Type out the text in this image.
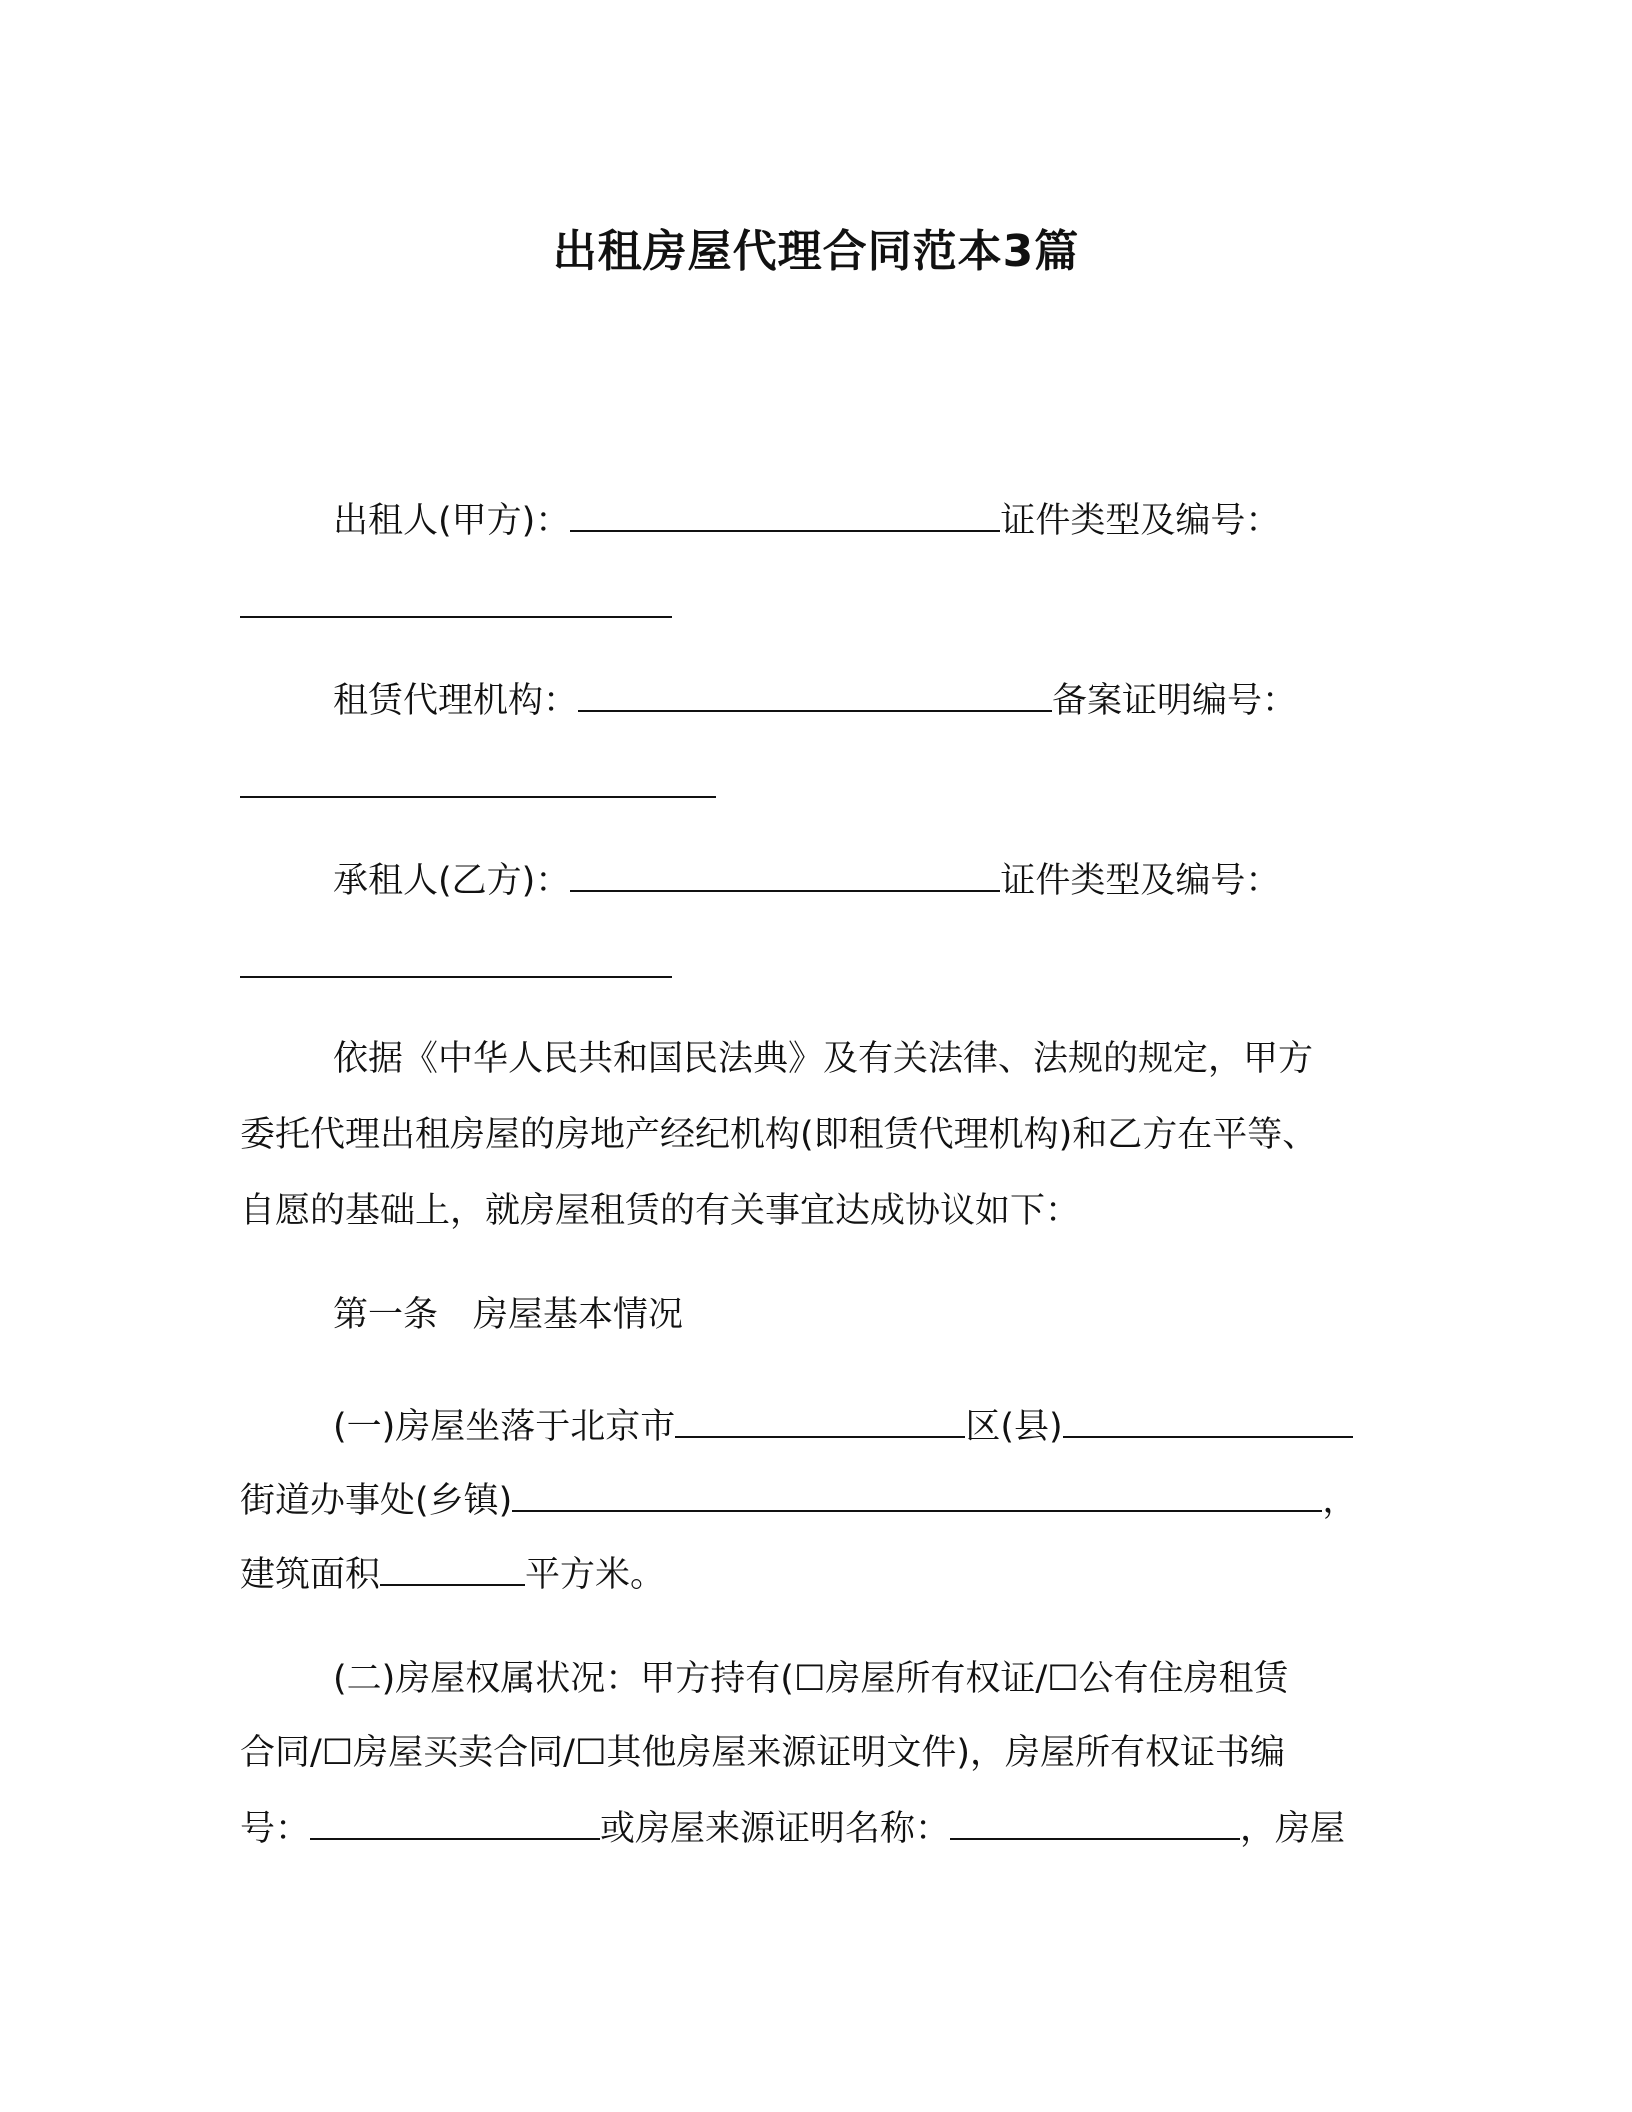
出租房屋代理合同范本3篇
出租人(甲方)：	证件类型及编号：
租赁代理机构：	备案证明编号：
承租人(乙方)：	证件类型及编号：
依据《中华人民共和国民法典》及有关法律、法规的规定，甲方
委托代理出租房屋的房地产经纪机构(即租赁代理机构)和乙方在平等、
自愿的基础上，就房屋租赁的有关事宜达成协议如下：
第一条　房屋基本情况
(一)房屋坐落于北京市	区(县)
街道办事处(乡镇)	，
建筑面积	平方米。
(二)房屋权属状况：甲方持有(☐房屋所有权证/☐公有住房租赁
合同/☐房屋买卖合同/☐其他房屋来源证明文件)，房屋所有权证书编
号：	或房屋来源证明名称：	，房屋
